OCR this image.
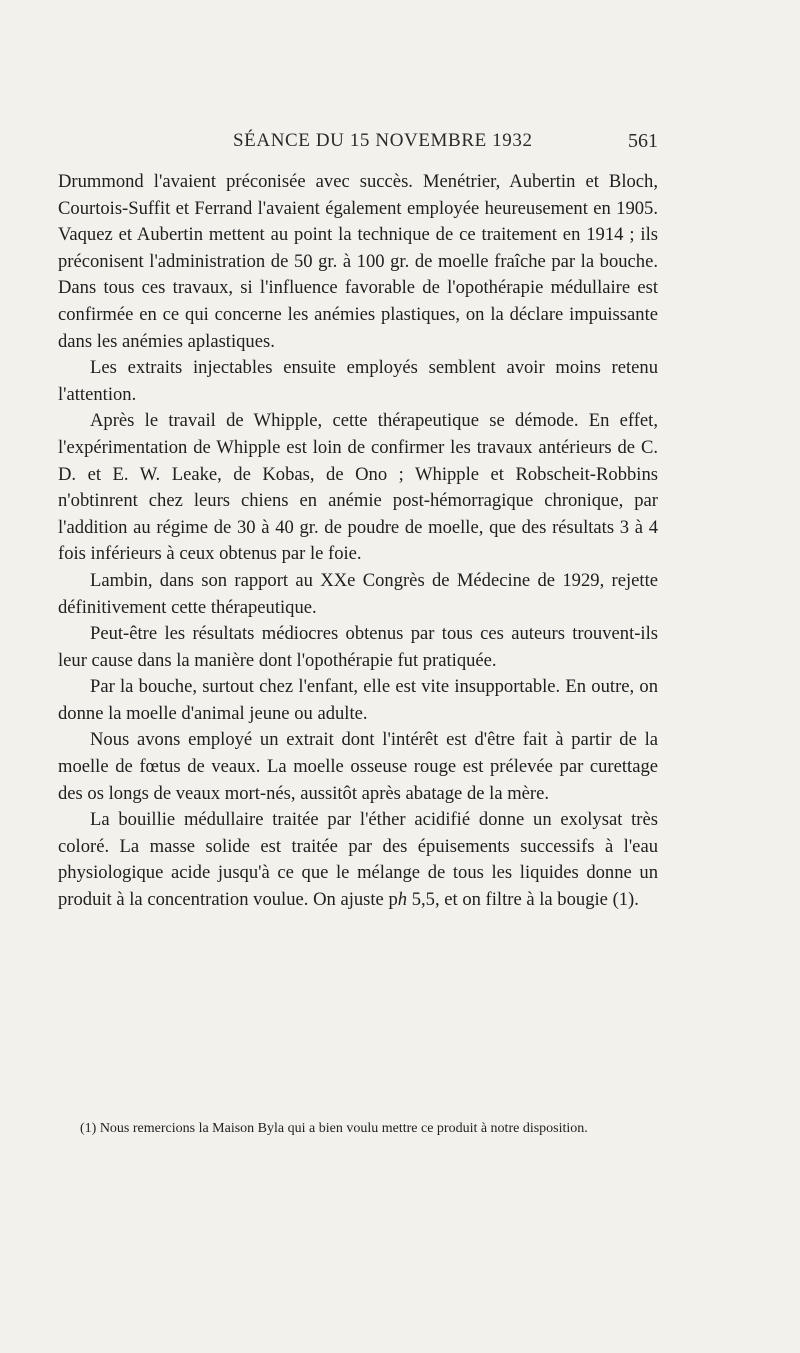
SÉANCE DU 15 NOVEMBRE 1932	561

Drummond l'avaient préconisée avec succès. Menétrier, Aubertin et Bloch, Courtois-Suffit et Ferrand l'avaient également employée heureusement en 1905. Vaquez et Aubertin mettent au point la technique de ce traitement en 1914 ; ils préconisent l'administration de 50 gr. à 100 gr. de moelle fraîche par la bouche. Dans tous ces travaux, si l'influence favorable de l'opothérapie médullaire est confirmée en ce qui concerne les anémies plastiques, on la déclare impuissante dans les anémies aplastiques.

Les extraits injectables ensuite employés semblent avoir moins retenu l'attention.

Après le travail de Whipple, cette thérapeutique se démode. En effet, l'expérimentation de Whipple est loin de confirmer les travaux antérieurs de C. D. et E. W. Leake, de Kobas, de Ono ; Whipple et Robscheit-Robbins n'obtinrent chez leurs chiens en anémie post-hémorragique chronique, par l'addition au régime de 30 à 40 gr. de poudre de moelle, que des résultats 3 à 4 fois inférieurs à ceux obtenus par le foie.

Lambin, dans son rapport au XXe Congrès de Médecine de 1929, rejette définitivement cette thérapeutique.

Peut-être les résultats médiocres obtenus par tous ces auteurs trouvent-ils leur cause dans la manière dont l'opothérapie fut pratiquée.

Par la bouche, surtout chez l'enfant, elle est vite insupportable. En outre, on donne la moelle d'animal jeune ou adulte.

Nous avons employé un extrait dont l'intérêt est d'être fait à partir de la moelle de fœtus de veaux. La moelle osseuse rouge est prélevée par curettage des os longs de veaux mort-nés, aussitôt après abatage de la mère.

La bouillie médullaire traitée par l'éther acidifié donne un exolysat très coloré. La masse solide est traitée par des épuisements successifs à l'eau physiologique acide jusqu'à ce que le mélange de tous les liquides donne un produit à la concentration voulue. On ajuste ph 5,5, et on filtre à la bougie (1).

(1) Nous remercions la Maison Byla qui a bien voulu mettre ce produit à notre disposition.
